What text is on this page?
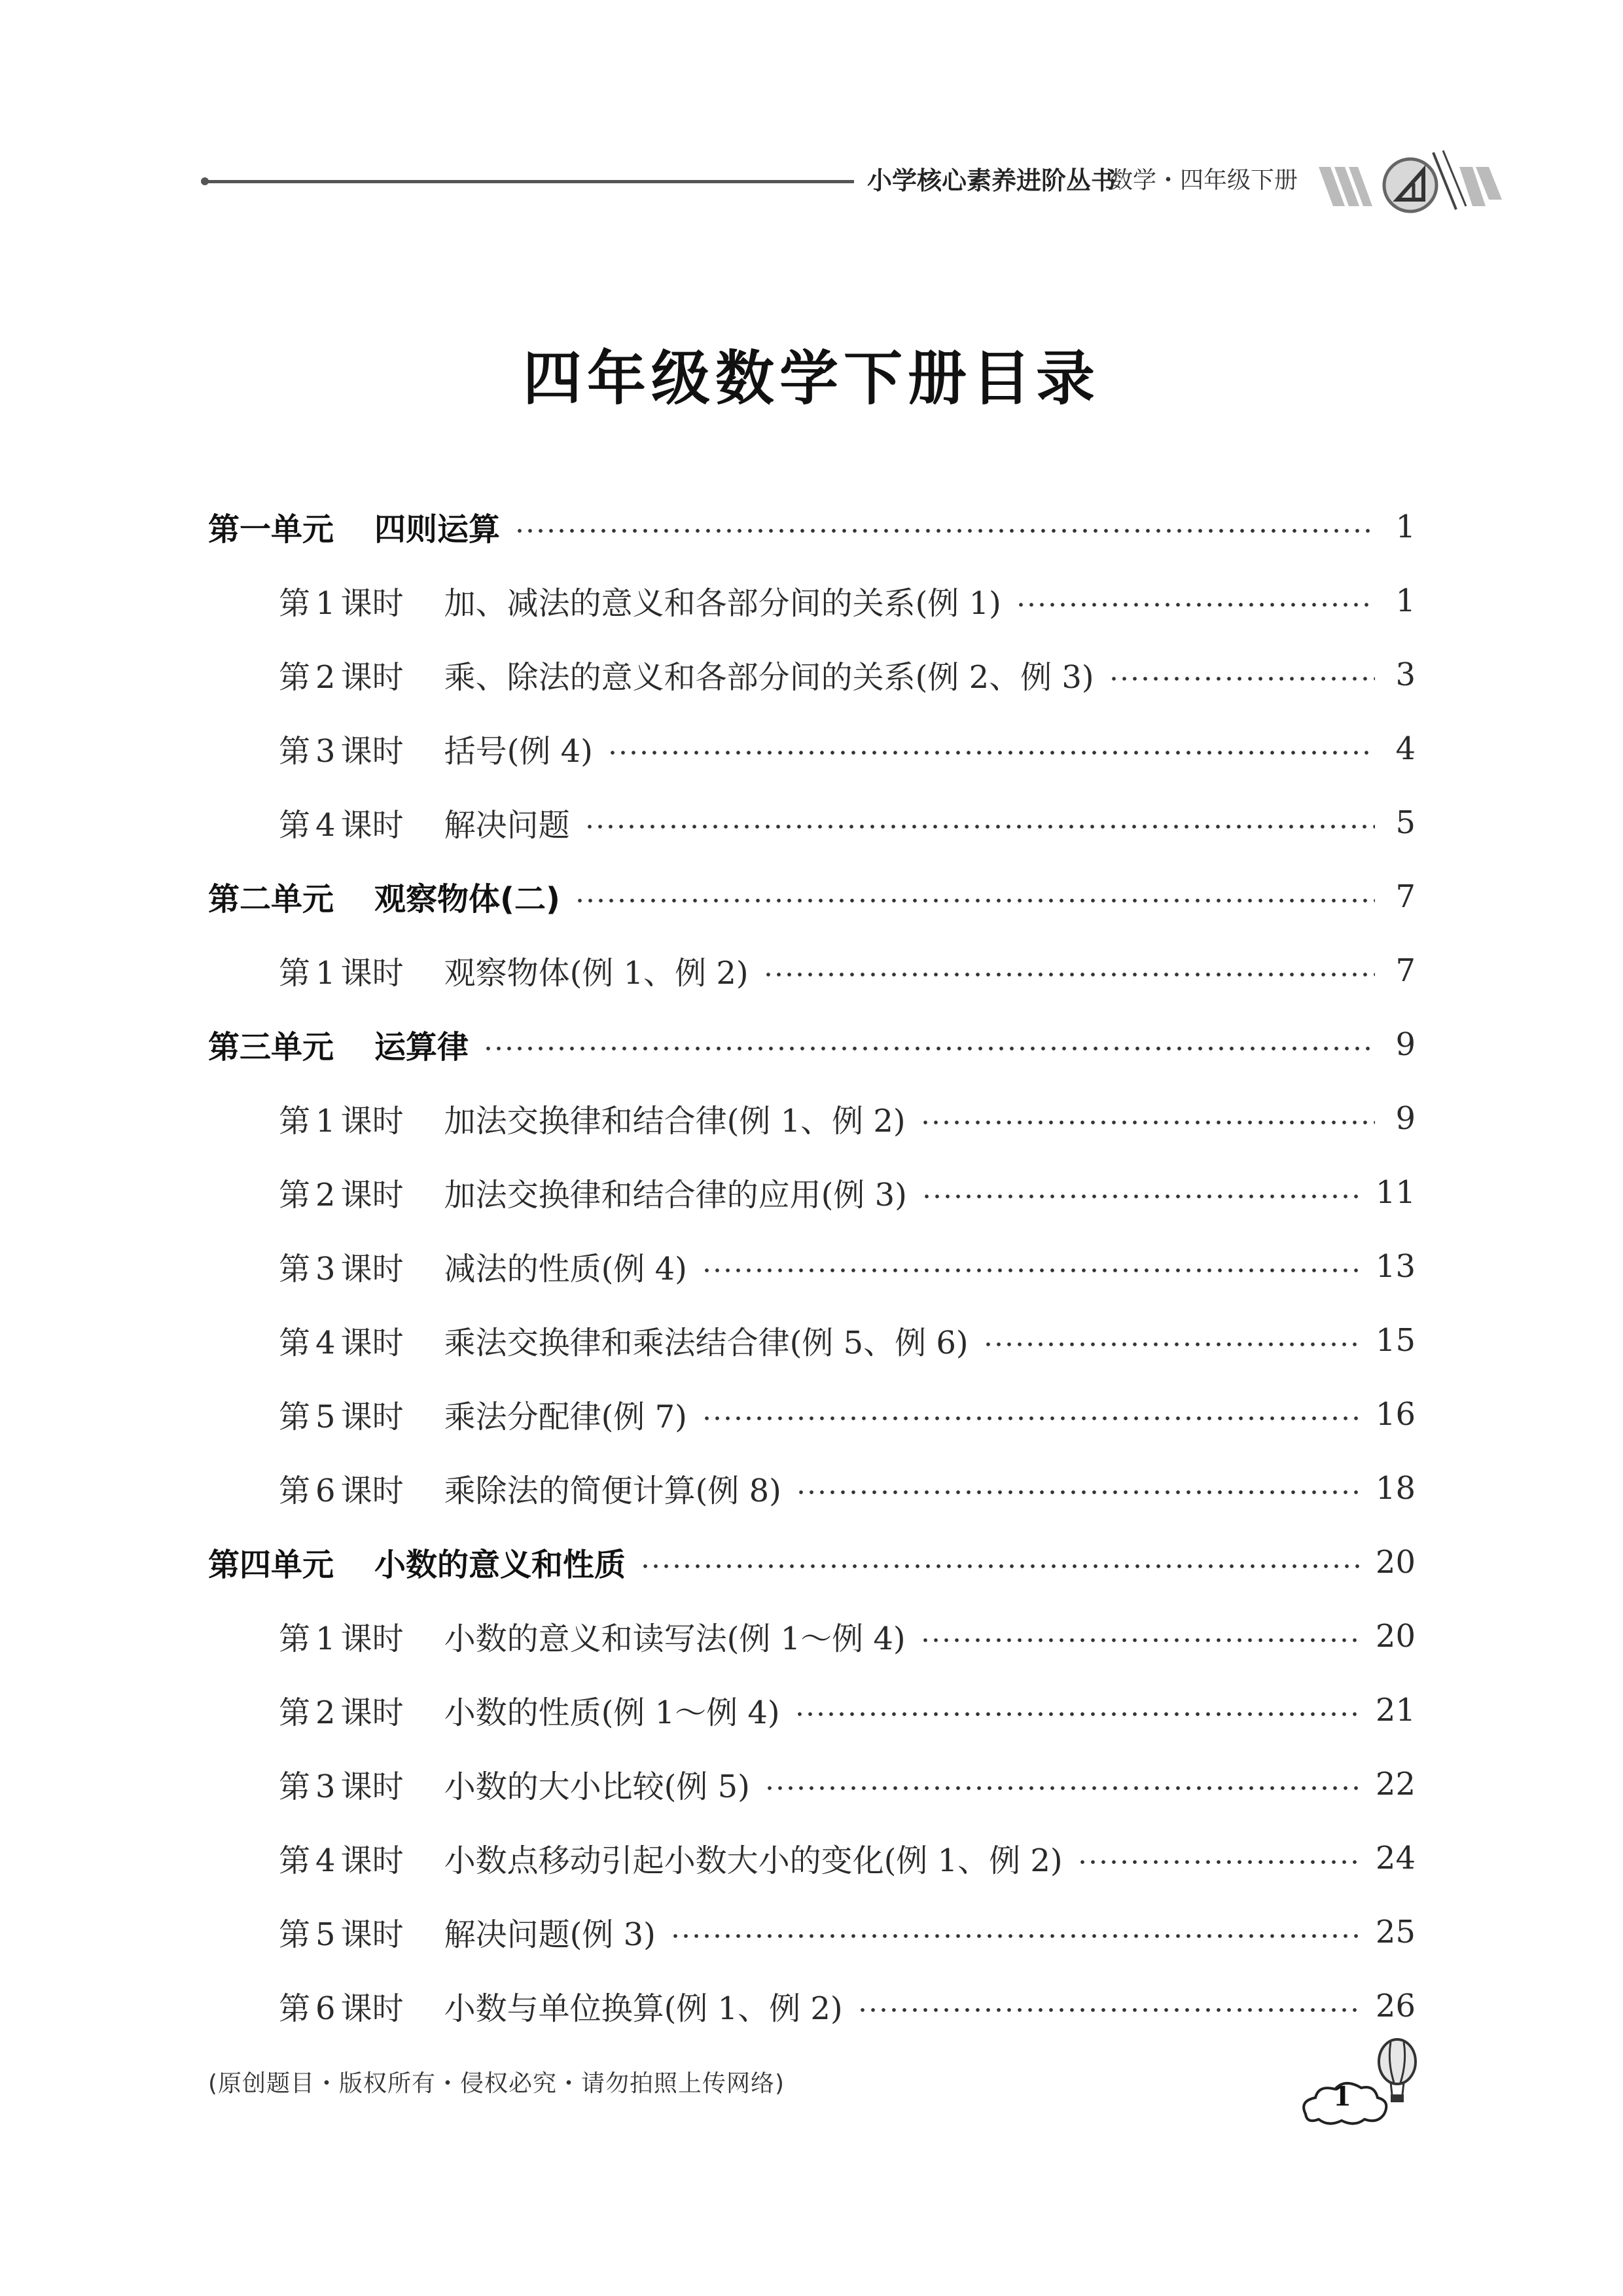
小学核心素养进阶丛书
数学・四年级下册
四年级数学下册目录
第一单元 四则运算	1
第 1 课时 加、减法的意义和各部分间的关系(例 1)	1
第 2 课时 乘、除法的意义和各部分间的关系(例 2、例 3)	3
第 3 课时 括号(例 4)	4
第 4 课时 解决问题	5
第二单元 观察物体(二)	7
第 1 课时 观察物体(例 1、例 2)	7
第三单元 运算律	9
第 1 课时 加法交换律和结合律(例 1、例 2)	9
第 2 课时 加法交换律和结合律的应用(例 3)	11
第 3 课时 减法的性质(例 4)	13
第 4 课时 乘法交换律和乘法结合律(例 5、例 6)	15
第 5 课时 乘法分配律(例 7)	16
第 6 课时 乘除法的简便计算(例 8)	18
第四单元 小数的意义和性质	20
第 1 课时 小数的意义和读写法(例 1～例 4)	20
第 2 课时 小数的性质(例 1～例 4)	21
第 3 课时 小数的大小比较(例 5)	22
第 4 课时 小数点移动引起小数大小的变化(例 1、例 2)	24
第 5 课时 解决问题(例 3)	25
第 6 课时 小数与单位换算(例 1、例 2)	26
(原创题目・版权所有・侵权必究・请勿拍照上传网络)	1
